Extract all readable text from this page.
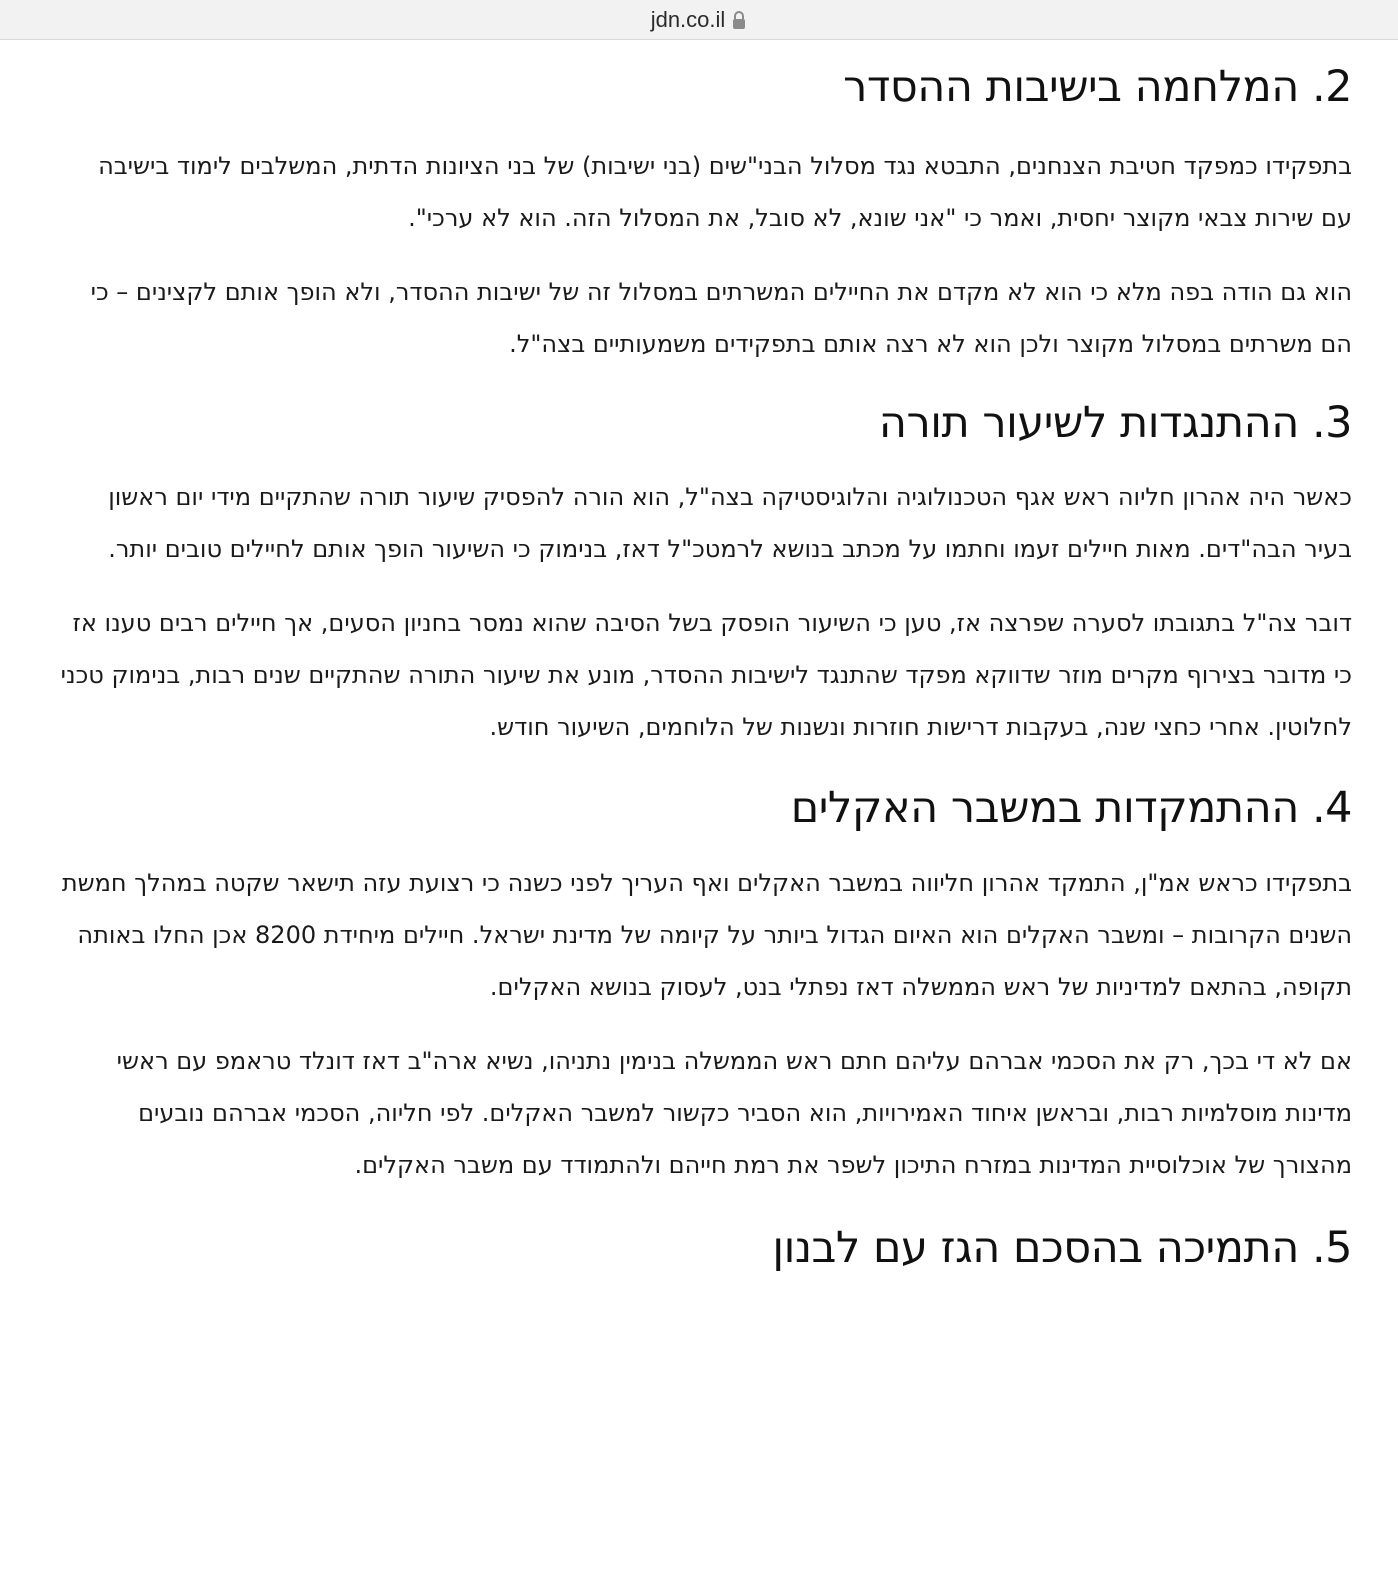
jdn.co.il
2. המלחמה בישיבות ההסדר

בתפקידו כמפקד חטיבת הצנחנים, התבטא נגד מסלול הבני"שים (בני ישיבות) של בני הציונות הדתית, המשלבים לימוד בישיבה עם שירות צבאי מקוצר יחסית, ואמר כי "אני שונא, לא סובל, את המסלול הזה. הוא לא ערכי".

הוא גם הודה בפה מלא כי הוא לא מקדם את החיילים המשרתים במסלול זה של ישיבות ההסדר, ולא הופך אותם לקצינים – כי הם משרתים במסלול מקוצר ולכן הוא לא רצה אותם בתפקידים משמעותיים בצה"ל.

3. ההתנגדות לשיעור תורה

כאשר היה אהרון חליוה ראש אגף הטכנולוגיה והלוגיסטיקה בצה"ל, הוא הורה להפסיק שיעור תורה שהתקיים מידי יום ראשון בעיר הבה"דים. מאות חיילים זעמו וחתמו על מכתב בנושא לרמטכ"ל דאז, בנימוק כי השיעור הופך אותם לחיילים טובים יותר.

דובר צה"ל בתגובתו לסערה שפרצה אז, טען כי השיעור הופסק בשל הסיבה שהוא נמסר בחניון הסעים, אך חיילים רבים טענו אז כי מדובר בצירוף מקרים מוזר שדווקא מפקד שהתנגד לישיבות ההסדר, מונע את שיעור התורה שהתקיים שנים רבות, בנימוק טכני לחלוטין. אחרי כחצי שנה, בעקבות דרישות חוזרות ונשנות של הלוחמים, השיעור חודש.

4. ההתמקדות במשבר האקלים

בתפקידו כראש אמ"ן, התמקד אהרון חליווה במשבר האקלים ואף העריך לפני כשנה כי רצועת עזה תישאר שקטה במהלך חמשת השנים הקרובות – ומשבר האקלים הוא האיום הגדול ביותר על קיומה של מדינת ישראל. חיילים מיחידת 8200 אכן החלו באותה תקופה, בהתאם למדיניות של ראש הממשלה דאז נפתלי בנט, לעסוק בנושא האקלים.

אם לא די בכך, רק את הסכמי אברהם עליהם חתם ראש הממשלה בנימין נתניהו, נשיא ארה"ב דאז דונלד טראמפ עם ראשי מדינות מוסלמיות רבות, ובראשן איחוד האמירויות, הוא הסביר כקשור למשבר האקלים. לפי חליוה, הסכמי אברהם נובעים מהצורך של אוכלוסיית המדינות במזרח התיכון לשפר את רמת חייהם ולהתמודד עם משבר האקלים.

5. התמיכה בהסכם הגז עם לבנון
